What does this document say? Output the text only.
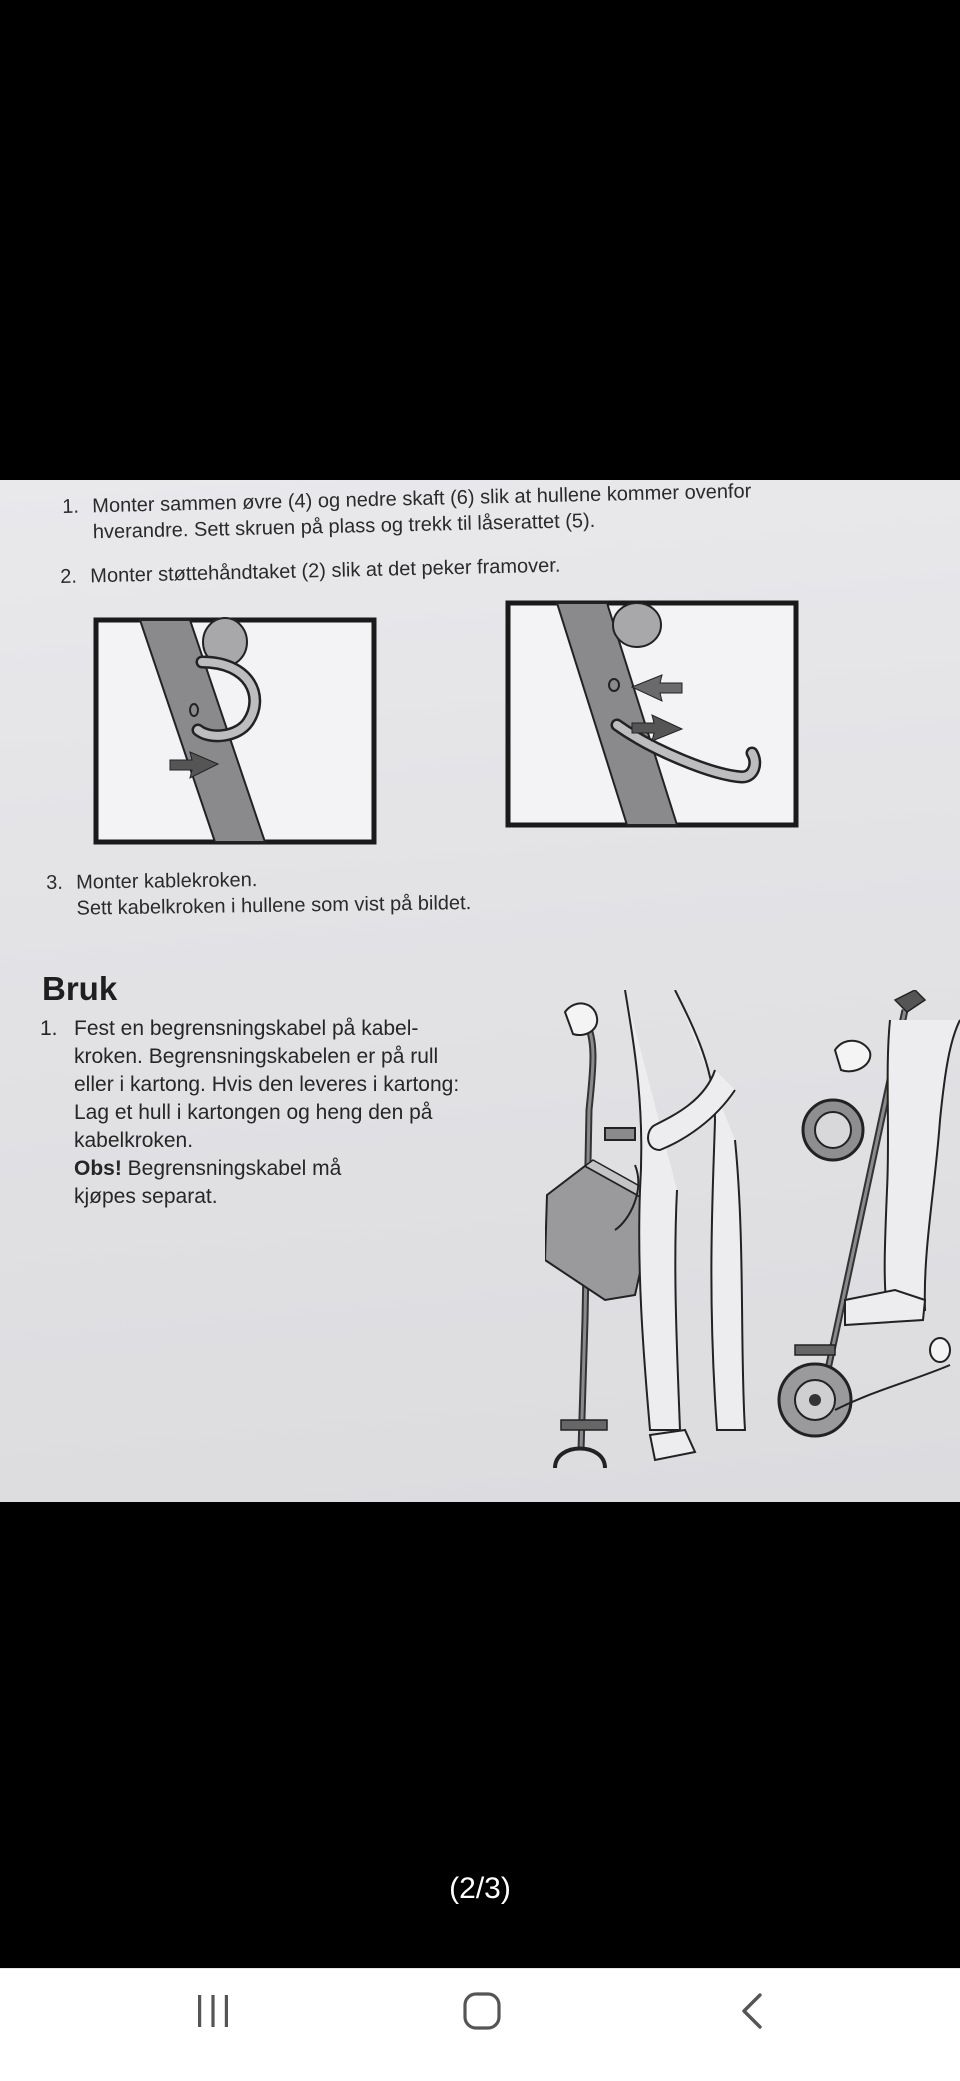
1. Monter sammen øvre (4) og nedre skaft (6) slik at hullene kommer ovenfor
hverandre. Sett skruen på plass og trekk til låserattet (5).
2. Monter støttehåndtaket (2) slik at det peker framover.
3. Monter kablekroken.
Sett kabelkroken i hullene som vist på bildet.
Bruk
1. Fest en begrensningskabel på kabel-
kroken. Begrensningskabelen er på rull
eller i kartong. Hvis den leveres i kartong:
Lag et hull i kartongen og heng den på
kabelkroken.
Obs! Begrensningskabel må
kjøpes separat.
(2/3)
